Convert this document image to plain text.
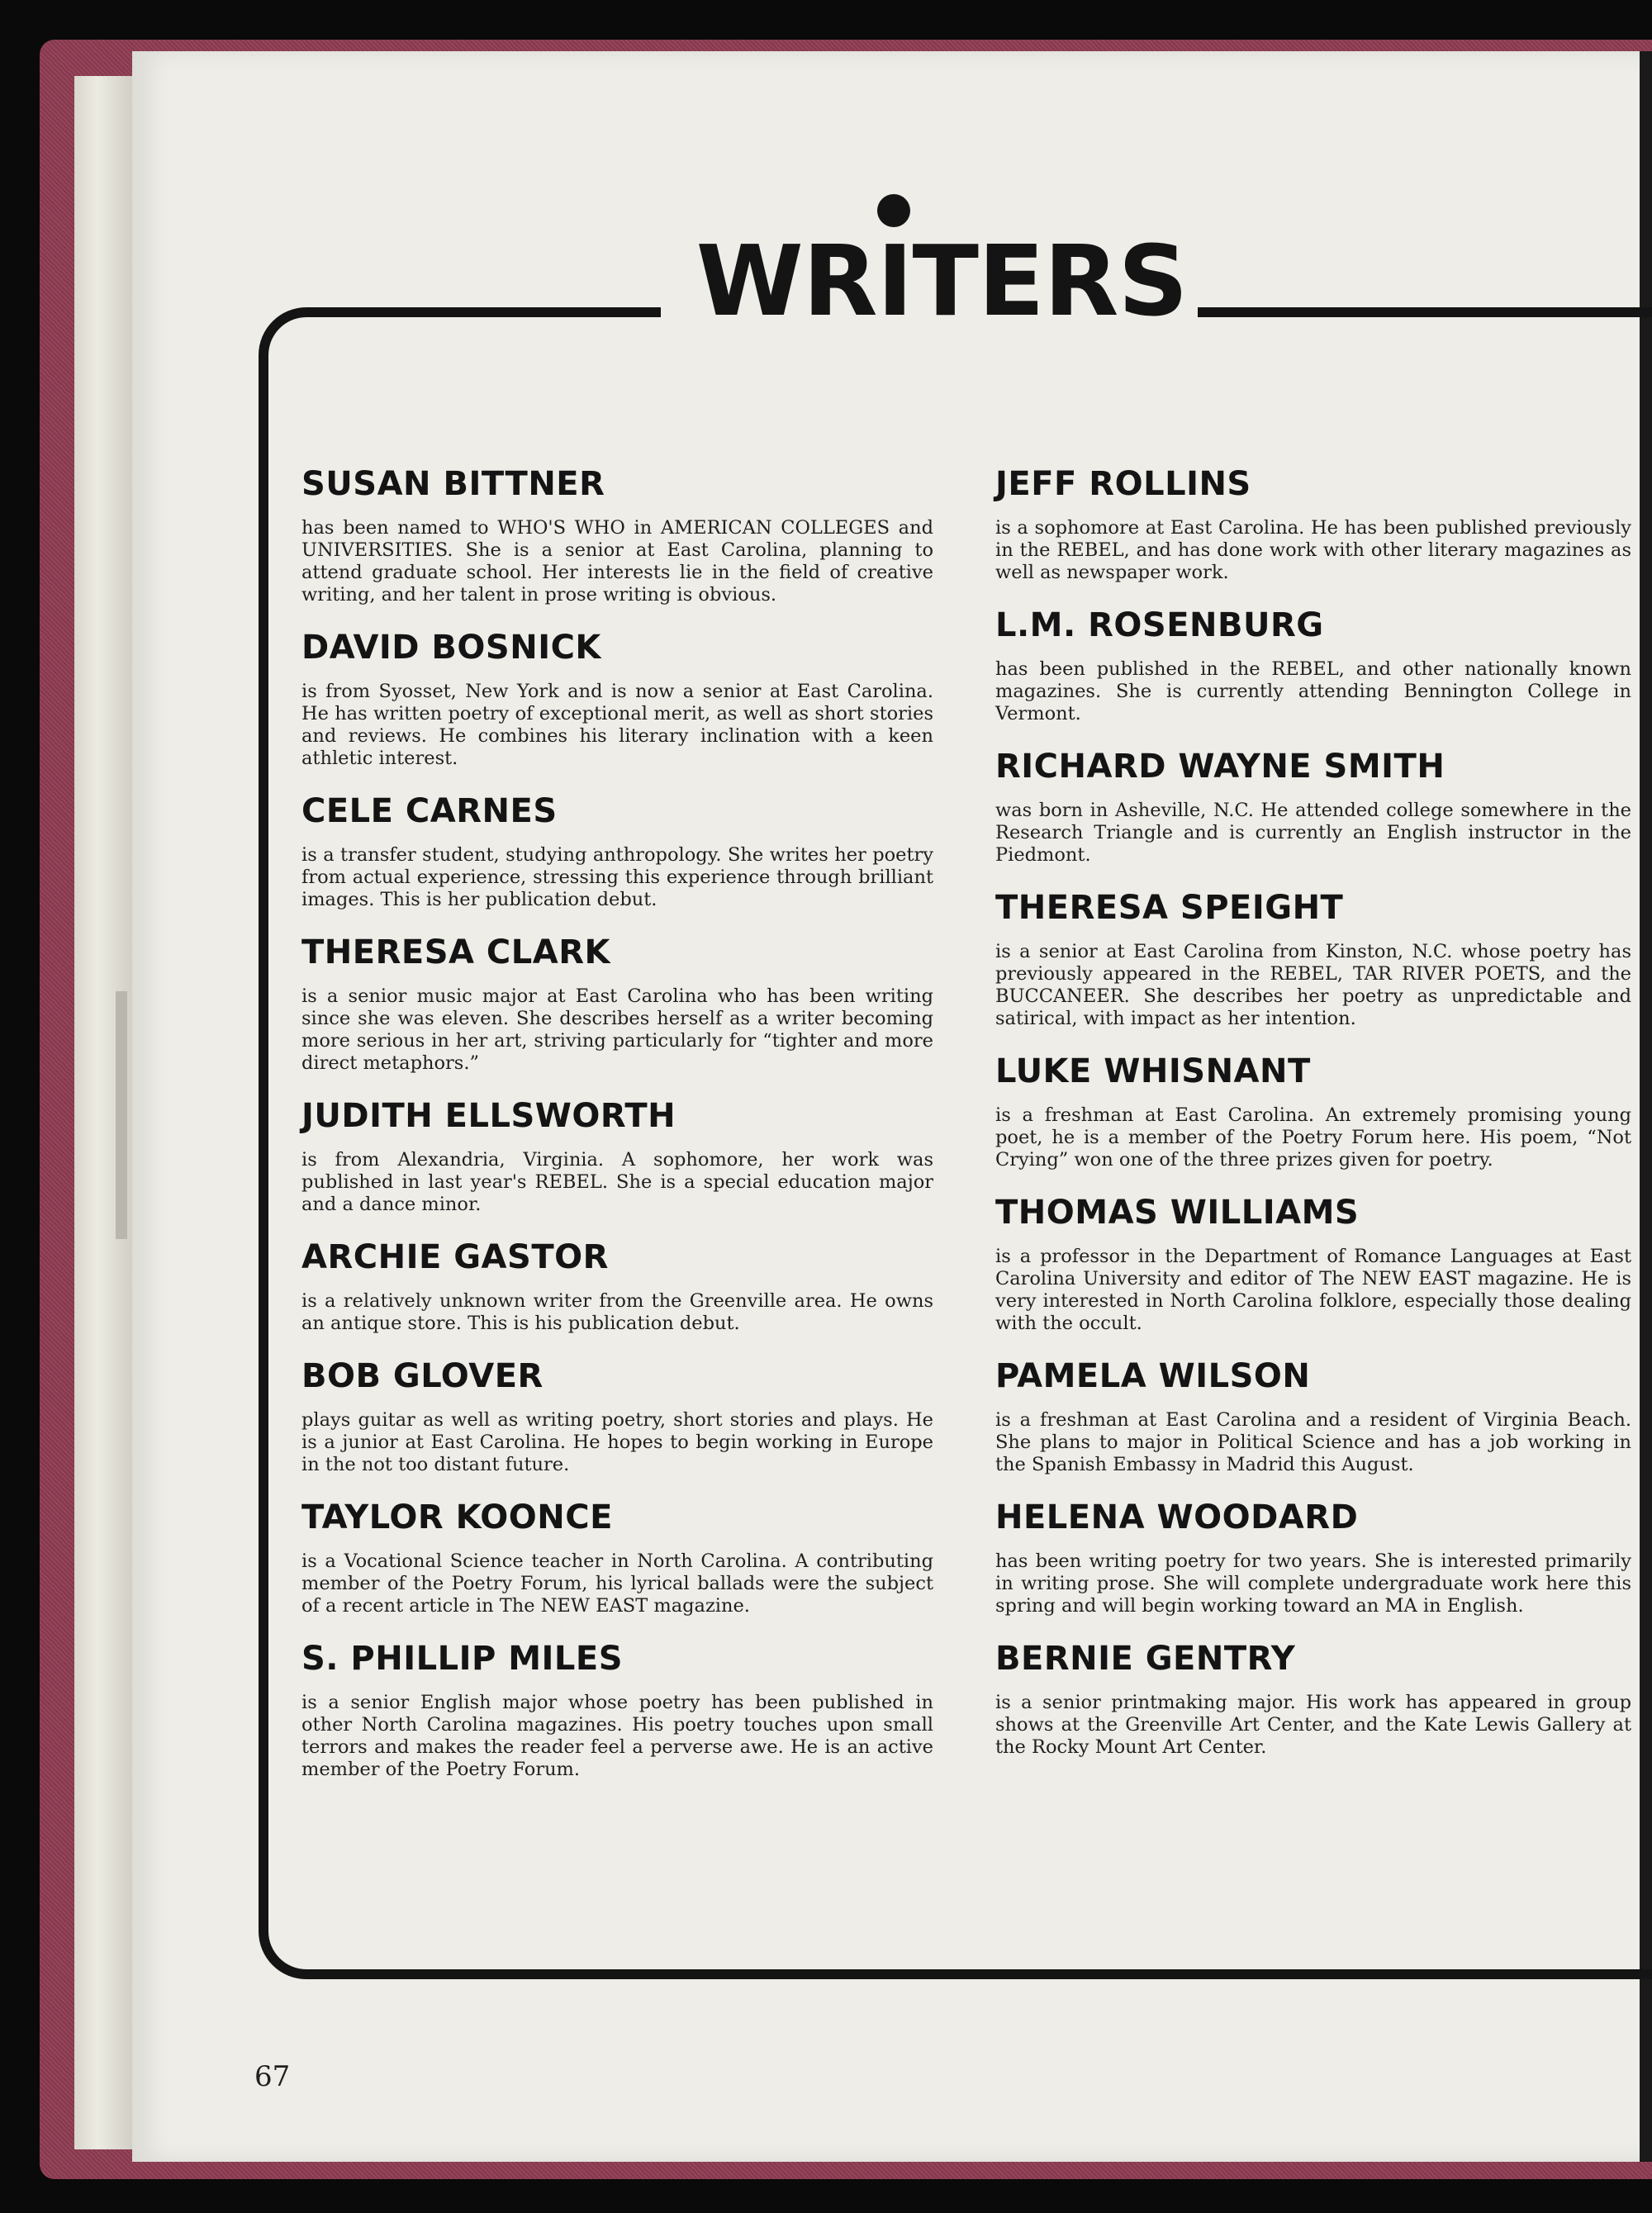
WRITERS
SUSAN BITTNER

has been named to WHO'S WHO in AMERICAN COLLEGES and UNIVERSITIES. She is a senior at East Carolina, planning to attend graduate school. Her interests lie in the field of creative writing, and her talent in prose writing is obvious.

DAVID BOSNICK

is from Syosset, New York and is now a senior at East Carolina. He has written poetry of exceptional merit, as well as short stories and reviews. He combines his literary inclination with a keen athletic interest.

CELE CARNES

is a transfer student, studying anthropology. She writes her poetry from actual experience, stressing this experience through brilliant images. This is her publication debut.

THERESA CLARK

is a senior music major at East Carolina who has been writing since she was eleven. She describes herself as a writer becoming more serious in her art, striving particularly for “tighter and more direct metaphors.”

JUDITH ELLSWORTH

is from Alexandria, Virginia. A sophomore, her work was published in last year's REBEL. She is a special education major and a dance minor.

ARCHIE GASTOR

is a relatively unknown writer from the Greenville area. He owns an antique store. This is his publication debut.

BOB GLOVER

plays guitar as well as writing poetry, short stories and plays. He is a junior at East Carolina. He hopes to begin working in Europe in the not too distant future.

TAYLOR KOONCE

is a Vocational Science teacher in North Carolina. A contributing member of the Poetry Forum, his lyrical ballads were the subject of a recent article in The NEW EAST magazine.

S. PHILLIP MILES

is a senior English major whose poetry has been published in other North Carolina magazines. His poetry touches upon small terrors and makes the reader feel a perverse awe. He is an active member of the Poetry Forum.

JEFF ROLLINS

is a sophomore at East Carolina. He has been published previously in the REBEL, and has done work with other literary magazines as well as newspaper work.

L.M. ROSENBURG

has been published in the REBEL, and other nationally known magazines. She is currently attending Bennington College in Vermont.

RICHARD WAYNE SMITH

was born in Asheville, N.C. He attended college somewhere in the Research Triangle and is currently an English instructor in the Piedmont.

THERESA SPEIGHT

is a senior at East Carolina from Kinston, N.C. whose poetry has previously appeared in the REBEL, TAR RIVER POETS, and the BUCCANEER. She describes her poetry as unpredictable and satirical, with impact as her intention.

LUKE WHISNANT

is a freshman at East Carolina. An extremely promising young poet, he is a member of the Poetry Forum here. His poem, “Not Crying” won one of the three prizes given for poetry.

THOMAS WILLIAMS

is a professor in the Department of Romance Languages at East Carolina University and editor of The NEW EAST magazine. He is very interested in North Carolina folklore, especially those dealing with the occult.

PAMELA WILSON

is a freshman at East Carolina and a resident of Virginia Beach. She plans to major in Political Science and has a job working in the Spanish Embassy in Madrid this August.

HELENA WOODARD

has been writing poetry for two years. She is interested primarily in writing prose. She will complete undergraduate work here this spring and will begin working toward an MA in English.

BERNIE GENTRY

is a senior printmaking major. His work has appeared in group shows at the Greenville Art Center, and the Kate Lewis Gallery at the Rocky Mount Art Center.

67
